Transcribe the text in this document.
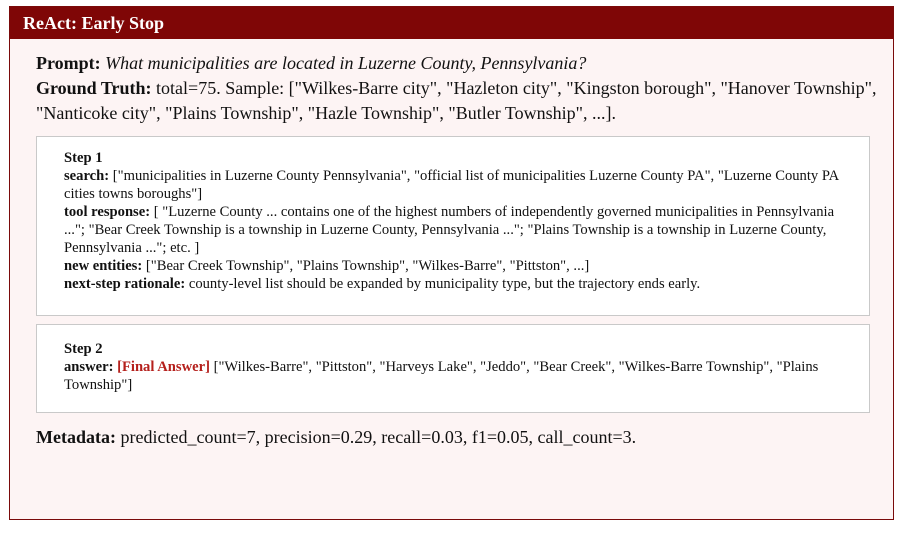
ReAct: Early Stop

Prompt: What municipalities are located in Luzerne County, Pennsylvania?

Ground Truth: total=75. Sample: ["Wilkes-Barre city", "Hazleton city", "Kingston borough", "Hanover Township", "Nanticoke city", "Plains Township", "Hazle Township", "Butler Township", ...].

Step 1
search: ["municipalities in Luzerne County Pennsylvania", "official list of municipalities Luzerne County PA", "Luzerne County PA cities towns boroughs"]
tool response: [ "Luzerne County ... contains one of the highest numbers of independently governed municipalities in Pennsylvania ..."; "Bear Creek Township is a township in Luzerne County, Pennsylvania ..."; "Plains Township is a township in Luzerne County, Pennsylvania ..."; etc. ]
new entities: ["Bear Creek Township", "Plains Township", "Wilkes-Barre", "Pittston", ...]
next-step rationale: county-level list should be expanded by municipality type, but the trajectory ends early.
Step 2
answer: [Final Answer] ["Wilkes-Barre", "Pittston", "Harveys Lake", "Jeddo", "Bear Creek", "Wilkes-Barre Township", "Plains Township"]

Metadata: predicted_count=7, precision=0.29, recall=0.03, f1=0.05, call_count=3.
